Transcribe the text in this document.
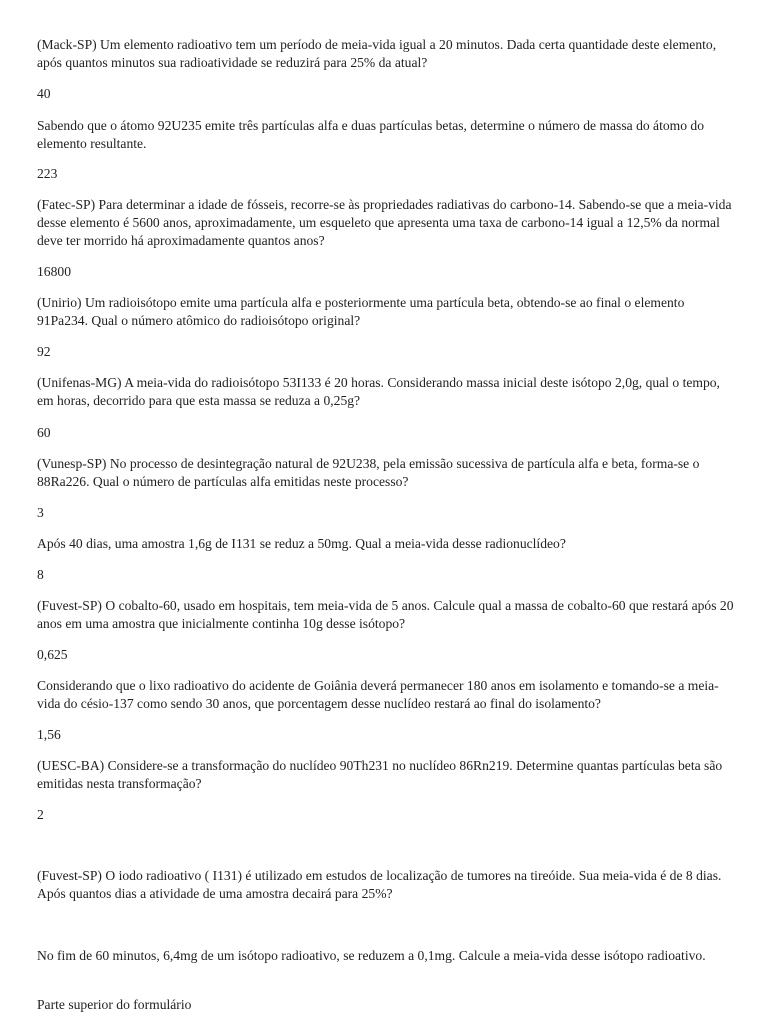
(Mack-SP) Um elemento radioativo tem um período de meia-vida igual a 20 minutos. Dada certa quantidade deste elemento, após quantos minutos sua radioatividade se reduzirá para 25% da atual?

40

Sabendo que o átomo 92U235 emite três partículas alfa e duas partículas betas, determine o número de massa do átomo do elemento resultante.

223

(Fatec-SP) Para determinar a idade de fósseis, recorre-se às propriedades radiativas do carbono-14. Sabendo-se que a meia-vida desse elemento é 5600 anos, aproximadamente, um esqueleto que apresenta uma taxa de carbono-14 igual a 12,5% da normal deve ter morrido há aproximadamente quantos anos?

16800

(Unirio) Um radioisótopo emite uma partícula alfa e posteriormente uma partícula beta, obtendo-se ao final o elemento 91Pa234. Qual o número atômico do radioisótopo original?

92

(Unifenas-MG) A meia-vida do radioisótopo 53I133 é 20 horas. Considerando massa inicial deste isótopo 2,0g, qual o tempo, em horas, decorrido para que esta massa se reduza a 0,25g?

60

(Vunesp-SP) No processo de desintegração natural de 92U238, pela emissão sucessiva de partícula alfa e beta, forma-se o 88Ra226. Qual o número de partículas alfa emitidas neste processo?

3

Após 40 dias, uma amostra 1,6g de I131 se reduz a 50mg. Qual a meia-vida desse radionuclídeo?

8

(Fuvest-SP) O cobalto-60, usado em hospitais, tem meia-vida de 5 anos. Calcule qual a massa de cobalto-60 que restará após 20 anos em uma amostra que inicialmente continha 10g desse isótopo?

0,625

Considerando que o lixo radioativo do acidente de Goiânia deverá permanecer 180 anos em isolamento e tomando-se a meia-vida do césio-137 como sendo 30 anos, que porcentagem desse nuclídeo restará ao final do isolamento?

1,56

(UESC-BA) Considere-se a transformação do nuclídeo 90Th231 no nuclídeo 86Rn219. Determine quantas partículas beta são emitidas nesta transformação?

2

(Fuvest-SP) O iodo radioativo ( I131) é utilizado em estudos de localização de tumores na tireóide. Sua meia-vida é de 8 dias. Após quantos dias a atividade de uma amostra decairá para 25%?

No fim de 60 minutos, 6,4mg de um isótopo radioativo, se reduzem a 0,1mg. Calcule a meia-vida desse isótopo radioativo.

Parte superior do formulário
